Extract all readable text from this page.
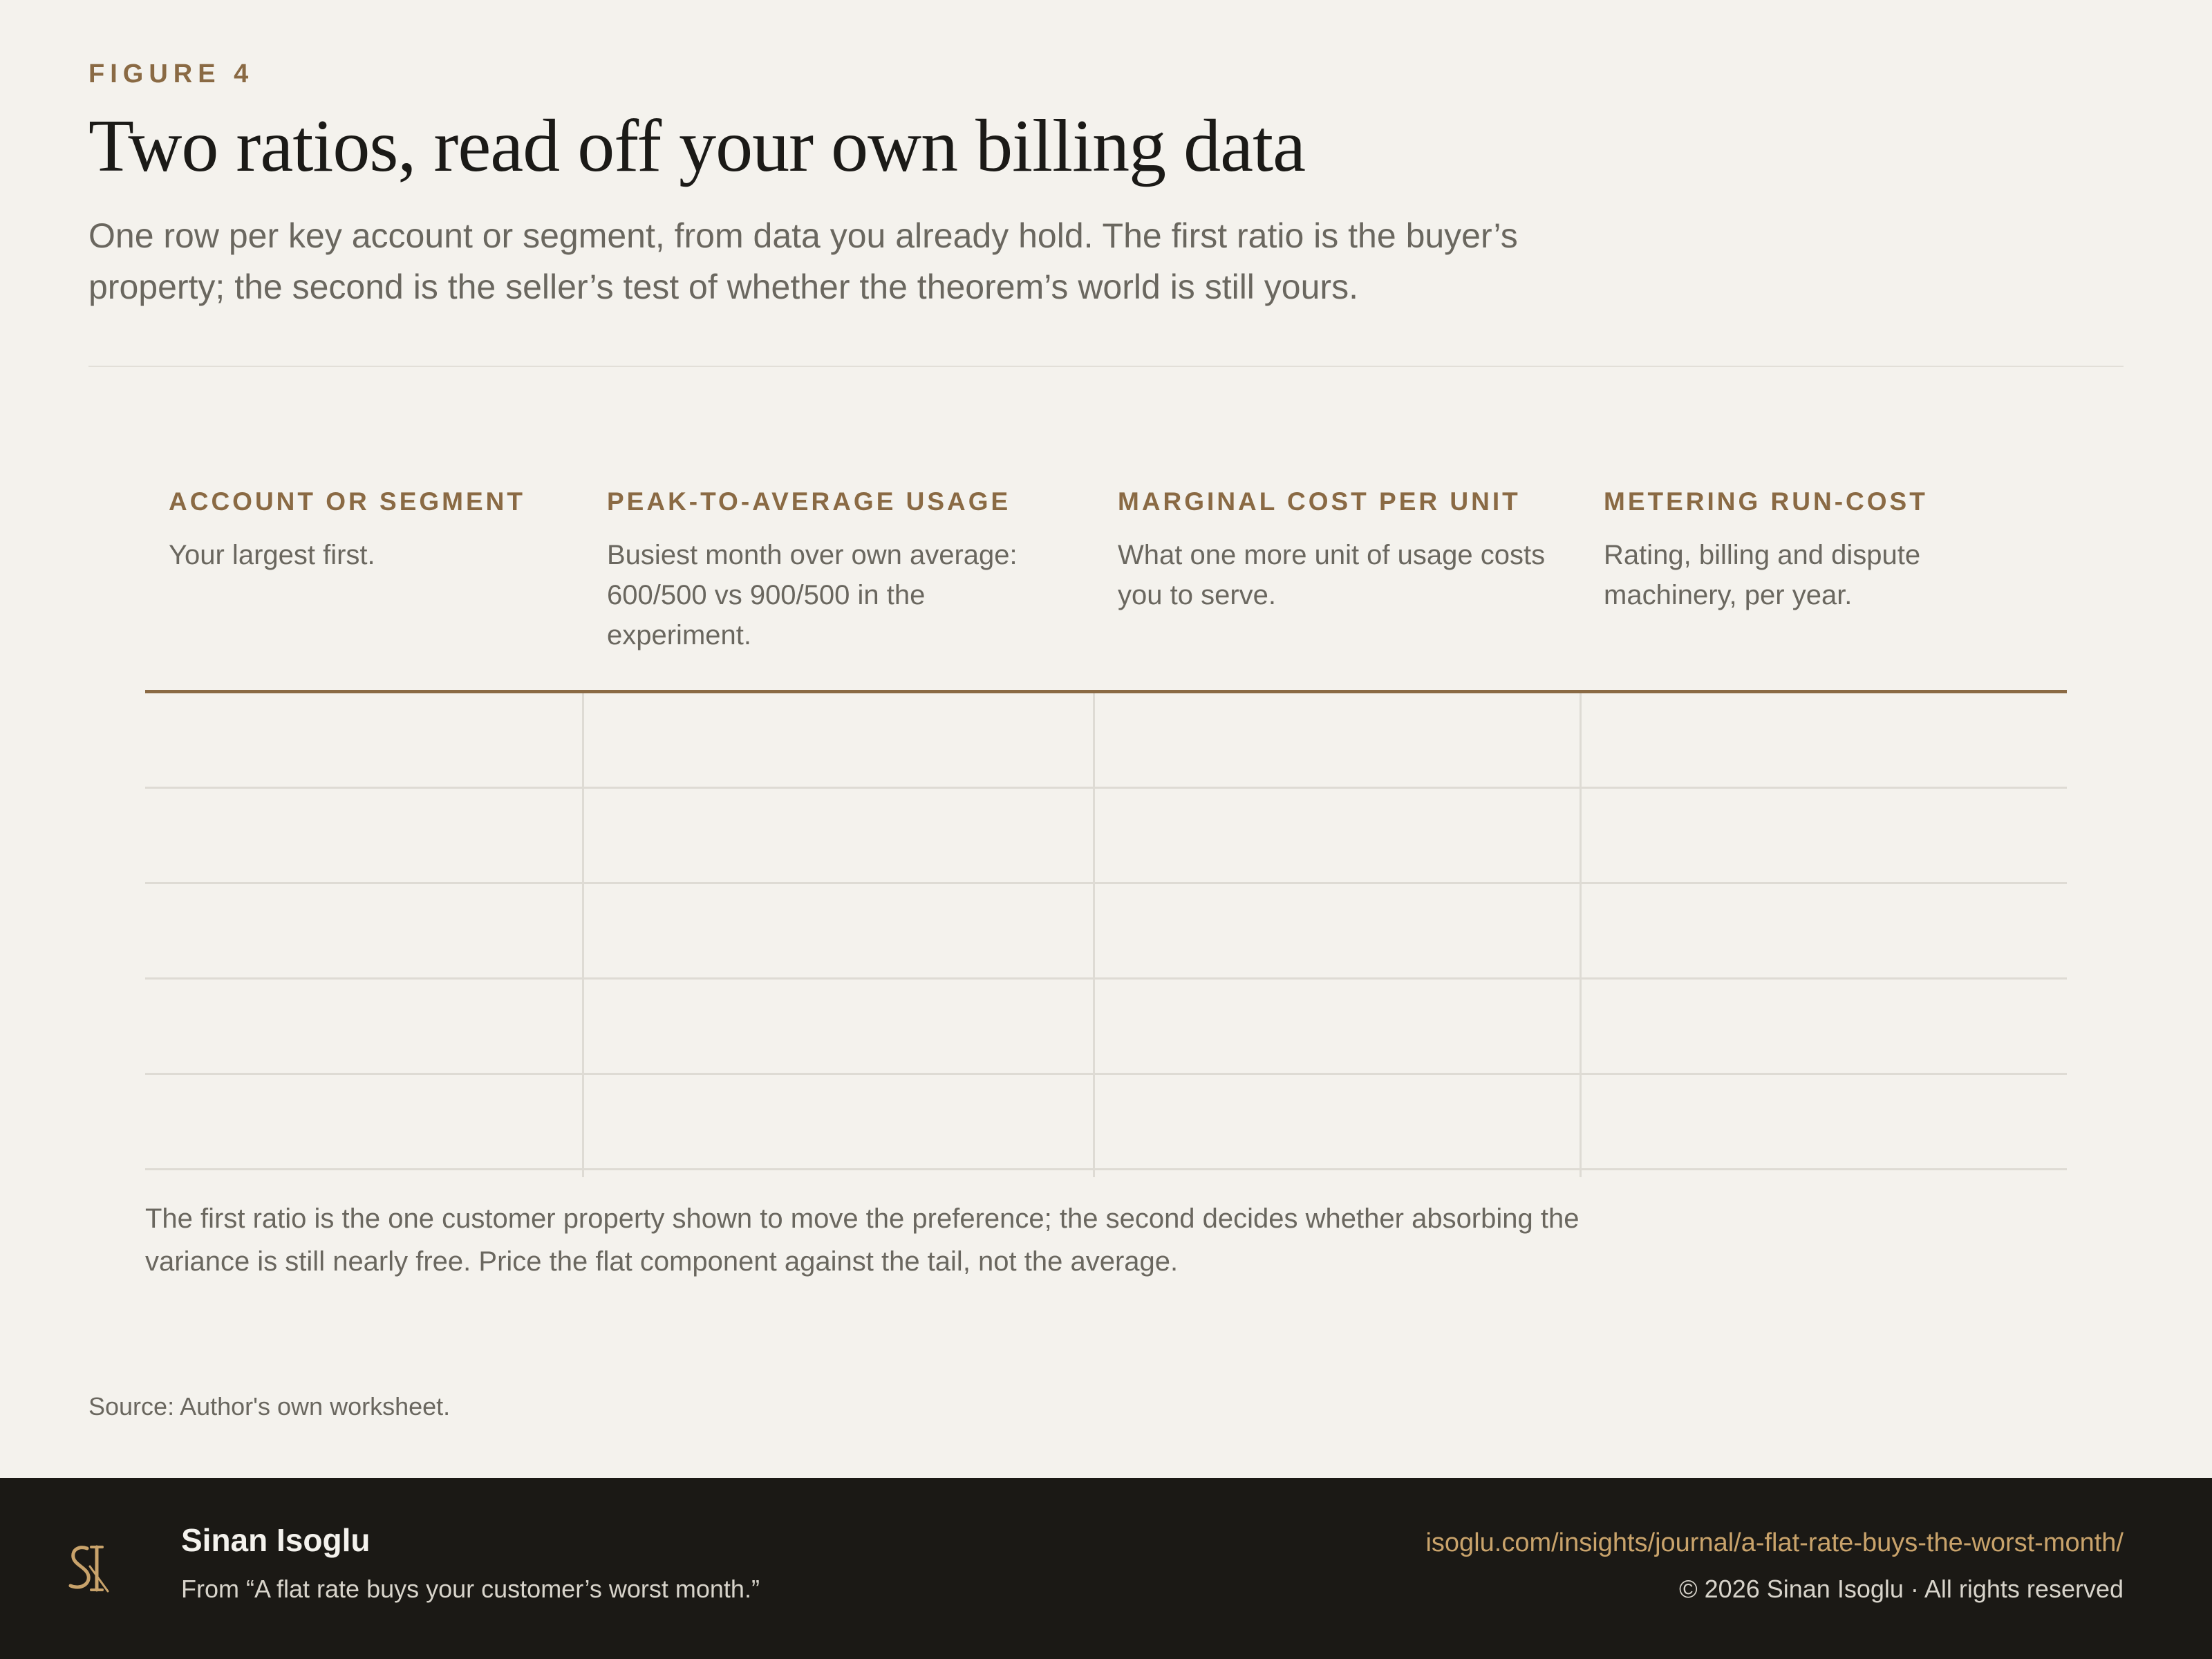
FIGURE 4
Two ratios, read off your own billing data

One row per key account or segment, from data you already hold. The first ratio is the buyer’s property; the second is the seller’s test of whether the theorem’s world is still yours.

ACCOUNT OR SEGMENT
Your largest first.
PEAK-TO-AVERAGE USAGE
Busiest month over own average: 600/500 vs 900/500 in the experiment.
MARGINAL COST PER UNIT
What one more unit of usage costs you to serve.
METERING RUN-COST
Rating, billing and dispute machinery, per year.

The first ratio is the one customer property shown to move the preference; the second decides whether absorbing the variance is still nearly free. Price the flat component against the tail, not the average.

Source: Author's own worksheet.

Sinan Isoglu
From “A flat rate buys your customer’s worst month.”
isoglu.com/insights/journal/a-flat-rate-buys-the-worst-month/
© 2026 Sinan Isoglu · All rights reserved
